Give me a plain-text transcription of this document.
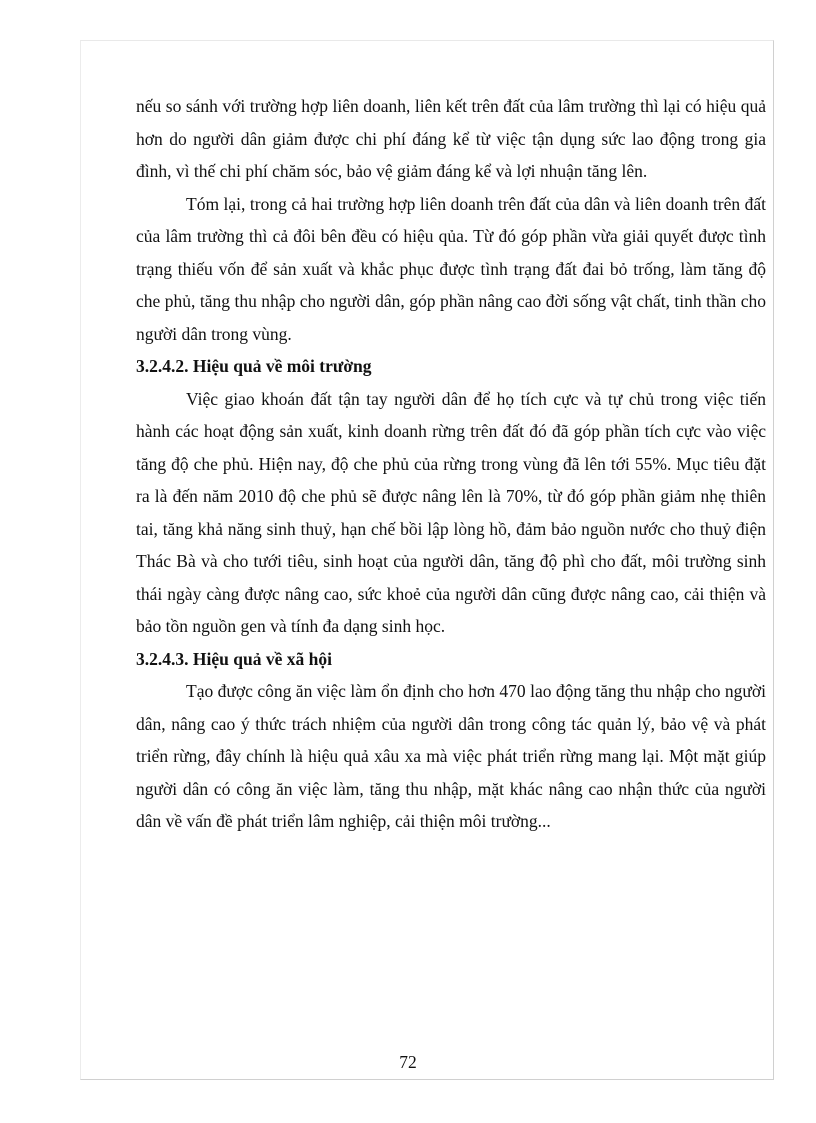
nếu so sánh với trường hợp liên doanh, liên kết trên đất của lâm trường thì lại có hiệu quả hơn do người dân giảm được chi phí đáng kể từ việc tận dụng sức lao động trong gia đình, vì thế chi phí chăm sóc, bảo vệ giảm đáng kể và lợi nhuận tăng lên.

Tóm lại, trong cả hai trường hợp liên doanh trên đất của dân và liên doanh trên đất của lâm trường thì cả đôi bên đều có hiệu qủa. Từ đó góp phần vừa giải quyết được tình trạng thiếu vốn để sản xuất và khắc phục được tình trạng đất đai bỏ trống, làm tăng độ che phủ, tăng thu nhập cho người dân, góp phần nâng cao đời sống vật chất, tinh thần cho người dân trong vùng.

3.2.4.2. Hiệu quả về môi trường

Việc giao khoán đất tận tay người dân để họ tích cực và tự chủ trong việc tiến hành các hoạt động sản xuất, kinh doanh rừng trên đất đó đã góp phần tích cực vào việc tăng độ che phủ. Hiện nay, độ che phủ của rừng trong vùng đã lên tới 55%. Mục tiêu đặt ra là đến năm 2010 độ che phủ sẽ được nâng lên là 70%, từ đó góp phần giảm nhẹ thiên tai, tăng khả năng sinh thuỷ, hạn chế bồi lập lòng hồ, đảm bảo nguồn nước cho thuỷ điện Thác Bà và cho tưới tiêu, sinh hoạt của người dân, tăng độ phì cho đất, môi trường sinh thái ngày càng được nâng cao, sức khoẻ của người dân cũng được nâng cao, cải thiện và bảo tồn nguồn gen và tính đa dạng sinh học.

3.2.4.3. Hiệu quả về xã hội

Tạo được công ăn việc làm ổn định cho hơn 470 lao động tăng thu nhập cho người dân, nâng cao ý thức trách nhiệm của người dân trong công tác quản lý, bảo vệ và phát triển rừng, đây chính là hiệu quả xâu xa mà việc phát triển rừng mang lại. Một mặt giúp người dân có công ăn việc làm, tăng thu nhập, mặt khác nâng cao nhận thức của người dân về vấn đề phát triển lâm nghiệp, cải thiện môi trường...

72
